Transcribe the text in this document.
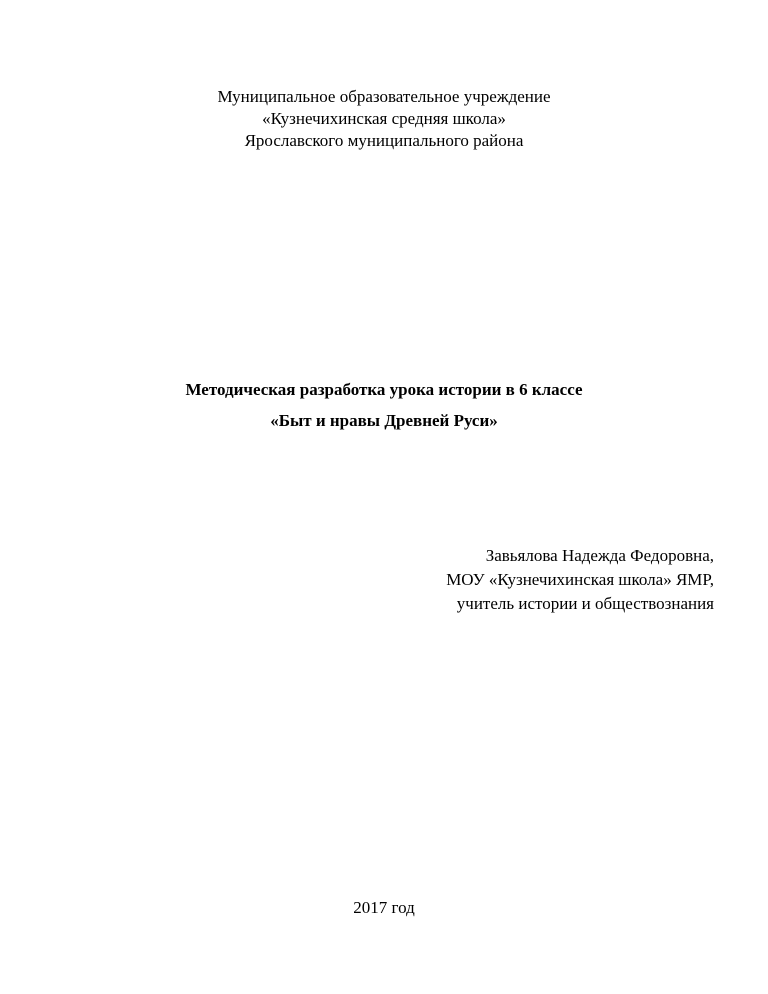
Муниципальное образовательное учреждение
«Кузнечихинская средняя школа»
Ярославского муниципального района
Методическая разработка урока истории в 6 классе
«Быт и нравы Древней Руси»
Завьялова Надежда Федоровна,
МОУ «Кузнечихинская школа» ЯМР,
учитель истории и обществознания
2017 год
